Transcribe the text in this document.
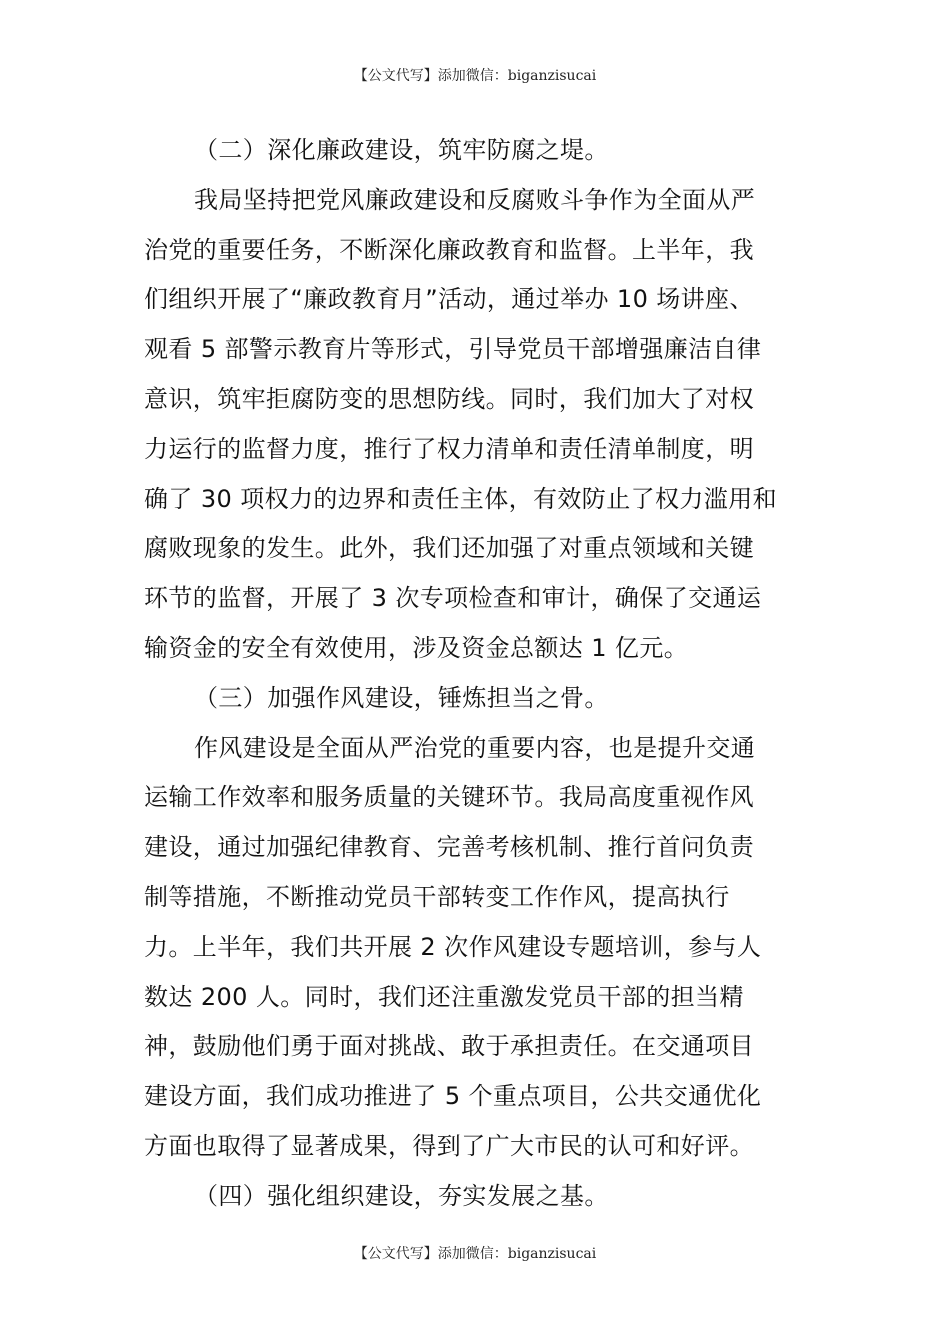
【公文代写】添加微信：biganzisucai
（二）深化廉政建设，筑牢防腐之堤。
我局坚持把党风廉政建设和反腐败斗争作为全面从严
治党的重要任务，不断深化廉政教育和监督。上半年，我
们组织开展了“廉政教育月”活动，通过举办 10 场讲座、
观看 5 部警示教育片等形式，引导党员干部增强廉洁自律
意识，筑牢拒腐防变的思想防线。同时，我们加大了对权
力运行的监督力度，推行了权力清单和责任清单制度，明
确了 30 项权力的边界和责任主体，有效防止了权力滥用和
腐败现象的发生。此外，我们还加强了对重点领域和关键
环节的监督，开展了 3 次专项检查和审计，确保了交通运
输资金的安全有效使用，涉及资金总额达 1 亿元。
（三）加强作风建设，锤炼担当之骨。
作风建设是全面从严治党的重要内容，也是提升交通
运输工作效率和服务质量的关键环节。我局高度重视作风
建设，通过加强纪律教育、完善考核机制、推行首问负责
制等措施，不断推动党员干部转变工作作风，提高执行
力。上半年，我们共开展 2 次作风建设专题培训，参与人
数达 200 人。同时，我们还注重激发党员干部的担当精
神，鼓励他们勇于面对挑战、敢于承担责任。在交通项目
建设方面，我们成功推进了 5 个重点项目，公共交通优化
方面也取得了显著成果，得到了广大市民的认可和好评。
（四）强化组织建设，夯实发展之基。
【公文代写】添加微信：biganzisucai
